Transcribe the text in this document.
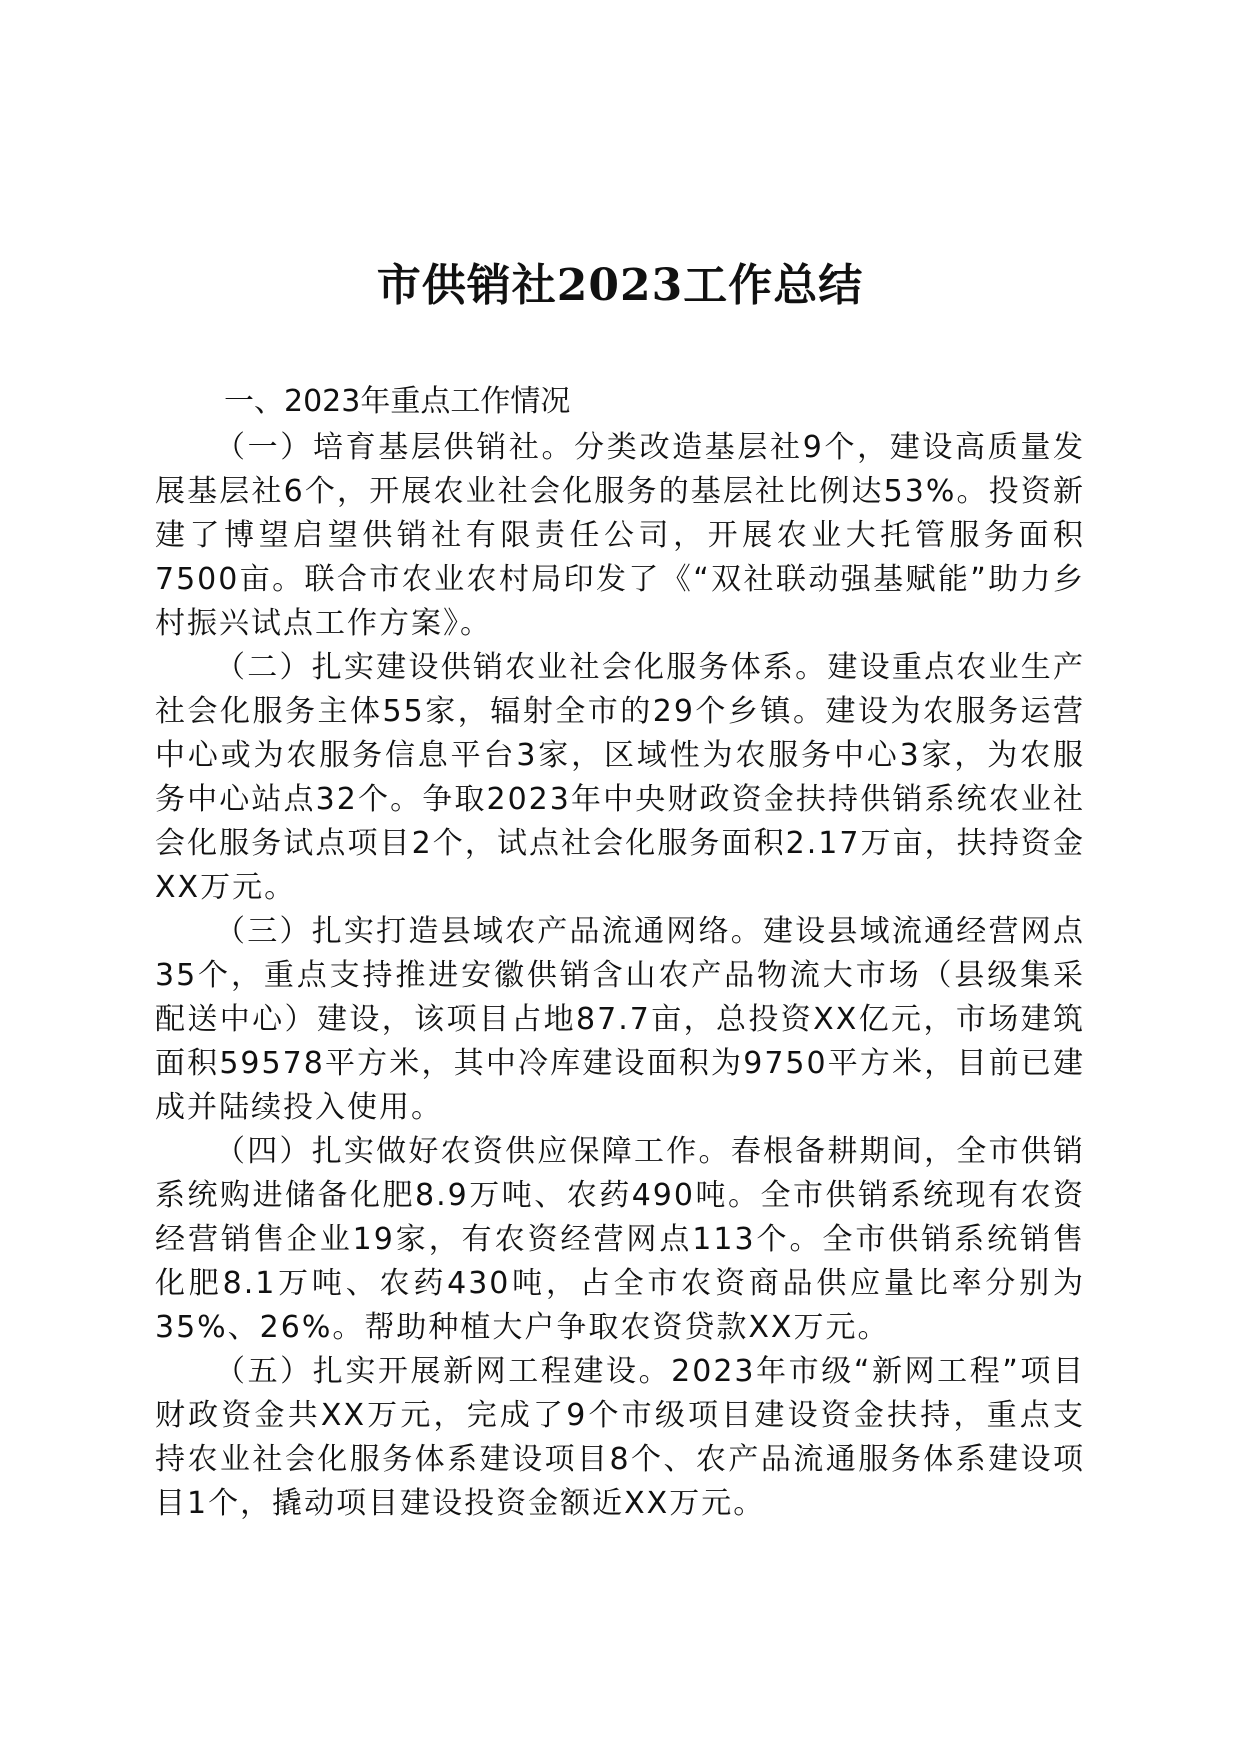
市供销社2023工作总结
一、2023年重点工作情况

（一）培育基层供销社。分类改造基层社9个，建设高质量发展基层社6个，开展农业社会化服务的基层社比例达53%。投资新建了博望启望供销社有限责任公司，开展农业大托管服务面积7500亩。联合市农业农村局印发了《“双社联动强基赋能”助力乡村振兴试点工作方案》。

（二）扎实建设供销农业社会化服务体系。建设重点农业生产社会化服务主体55家，辐射全市的29个乡镇。建设为农服务运营中心或为农服务信息平台3家，区域性为农服务中心3家，为农服务中心站点32个。争取2023年中央财政资金扶持供销系统农业社会化服务试点项目2个，试点社会化服务面积2.17万亩，扶持资金XX万元。

（三）扎实打造县域农产品流通网络。建设县域流通经营网点35个，重点支持推进安徽供销含山农产品物流大市场（县级集采配送中心）建设，该项目占地87.7亩，总投资XX亿元，市场建筑面积59578平方米，其中冷库建设面积为9750平方米，目前已建成并陆续投入使用。

（四）扎实做好农资供应保障工作。春根备耕期间，全市供销系统购进储备化肥8.9万吨、农药490吨。全市供销系统现有农资经营销售企业19家，有农资经营网点113个。全市供销系统销售化肥8.1万吨、农药430吨，占全市农资商品供应量比率分别为35%、26%。帮助种植大户争取农资贷款XX万元。

（五）扎实开展新网工程建设。2023年市级“新网工程”项目财政资金共XX万元，完成了9个市级项目建设资金扶持，重点支持农业社会化服务体系建设项目8个、农产品流通服务体系建设项目1个，撬动项目建设投资金额近XX万元。
